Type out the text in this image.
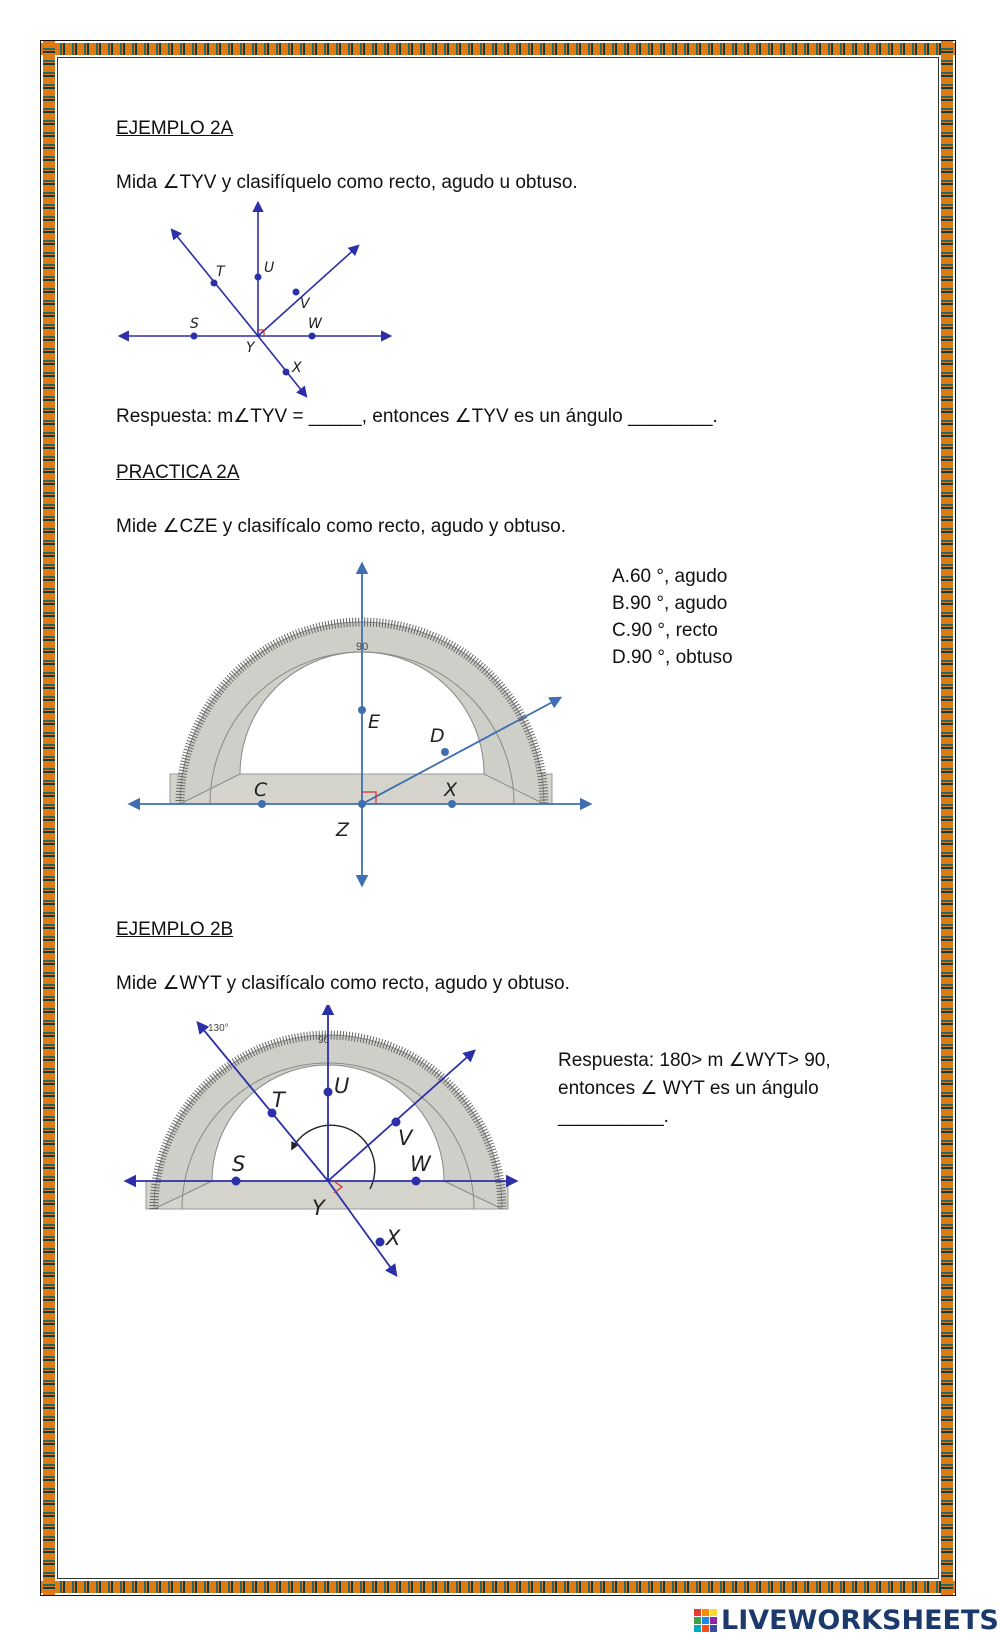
EJEMPLO 2A
Mida ∠TYV y clasifíquelo como recto, agudo u obtuso.
T	U
V
S	W
Y
X
Respuesta: m∠TYV = _____, entonces ∠TYV es un ángulo ________.
PRACTICA 2A
Mide ∠CZE y clasifícalo como recto, agudo y obtuso.
A.60 °, agudo
B.90 °, agudo
C.90 °, recto
D.90 °, obtuso
90
E
D
C	X
Z
EJEMPLO 2B
Mide ∠WYT y clasifícalo como recto, agudo y obtuso.
Respuesta: 180> m ∠WYT> 90,
entonces ∠ WYT es un ángulo
__________.
90
130°
T
U
V
S	W
Y
X
LIVEWORKSHEETS
